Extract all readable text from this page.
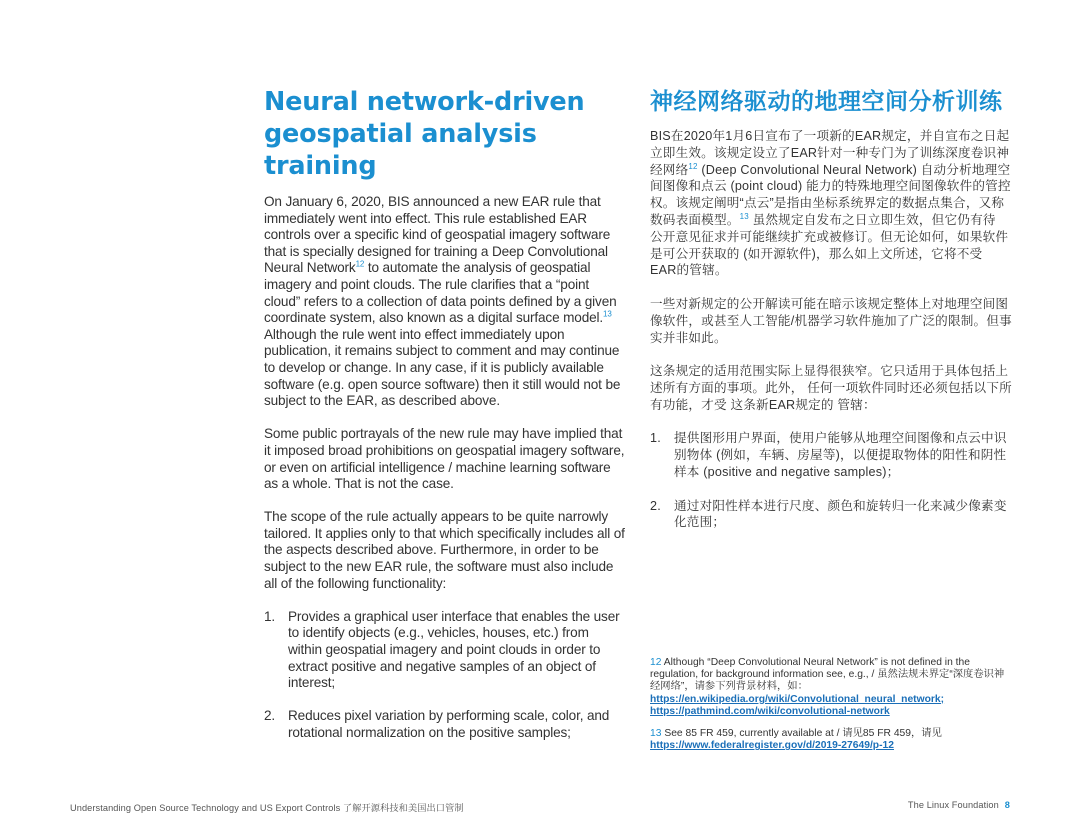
Neural network-driven geospatial analysis training

On January 6, 2020, BIS announced a new EAR rule that immediately went into effect. This rule established EAR controls over a specific kind of geospatial imagery software that is specially designed for training a Deep Convolutional Neural Network$^{12}$ to automate the analysis of geospatial imagery and point clouds. The rule clarifies that a “point cloud” refers to a collection of data points defined by a given coordinate system, also known as a digital surface model.$^{13}$ Although the rule went into effect immediately upon publication, it remains subject to comment and may continue to develop or change. In any case, if it is publicly available software (e.g. open source software) then it still would not be subject to the EAR, as described above.

Some public portrayals of the new rule may have implied that it imposed broad prohibitions on geospatial imagery software, or even on artificial intelligence / machine learning software as a whole. That is not the case.

The scope of the rule actually appears to be quite narrowly tailored. It applies only to that which specifically includes all of the aspects described above. Furthermore, in order to be subject to the new EAR rule, the software must also include all of the following functionality:

1. Provides a graphical user interface that enables the user to identify objects (e.g., vehicles, houses, etc.) from within geospatial imagery and point clouds in order to extract positive and negative samples of an object of interest;
2. Reduces pixel variation by performing scale, color, and rotational normalization on the positive samples;
神经网络驱动的地理空间分析训练

BIS在2020年1月6日宣布了一项新的EAR规定，并自宣布之日起立即生效。该规定设立了EAR针对一种专门为了训练深度卷识神经网络$^{12}$ (Deep Convolutional Neural Network) 自动分析地理空间图像和点云 (point cloud) 能力的特殊地理空间图像软件的管控权。该规定阐明“点云”是指由坐标系统界定的数据点集合，又称数码表面模型。$^{13}$ 虽然规定自发布之日立即生效，但它仍有待 公开意见征求并可能继续扩充或被修订。但无论如何，如果软件是可公开获取的 (如开源软件)，那么如上文所述，它将不受 EAR的管辖。

一些对新规定的公开解读可能在暗示该规定整体上对地理空间图像软件，或甚至人工智能/机器学习软件施加了广泛的限制。但事实并非如此。

这条规定的适用范围实际上显得很狭窄。它只适用于具体包括上述所有方面的事项。此外， 任何一项软件同时还必须包括以下所有功能，才受 这条新EAR规定的 管辖：

1.	提供图形用户界面，使用户能够从地理空间图像和点云中识别物体 (例如，车辆、房屋等)，以便提取物体的阳性和阴性样本 (positive and negative samples)；
2.	通过对阳性样本进行尺度、颜色和旋转归一化来减少像素变化范围；
12 Although “Deep Convolutional Neural Network” is not defined in the regulation, for background information see, e.g., / 虽然法规未界定“深度卷识神经网络”，请参下列背景材料，如：https://en.wikipedia.org/wiki/Convolutional_neural_network; https://pathmind.com/wiki/convolutional-network
13 See 85 FR 459, currently available at / 请见85 FR 459，请见
https://www.federalregister.gov/d/2019-27649/p-12
Understanding Open Source Technology and US Export Controls 了解开源科技和美国出口管制	The Linux Foundation 8
